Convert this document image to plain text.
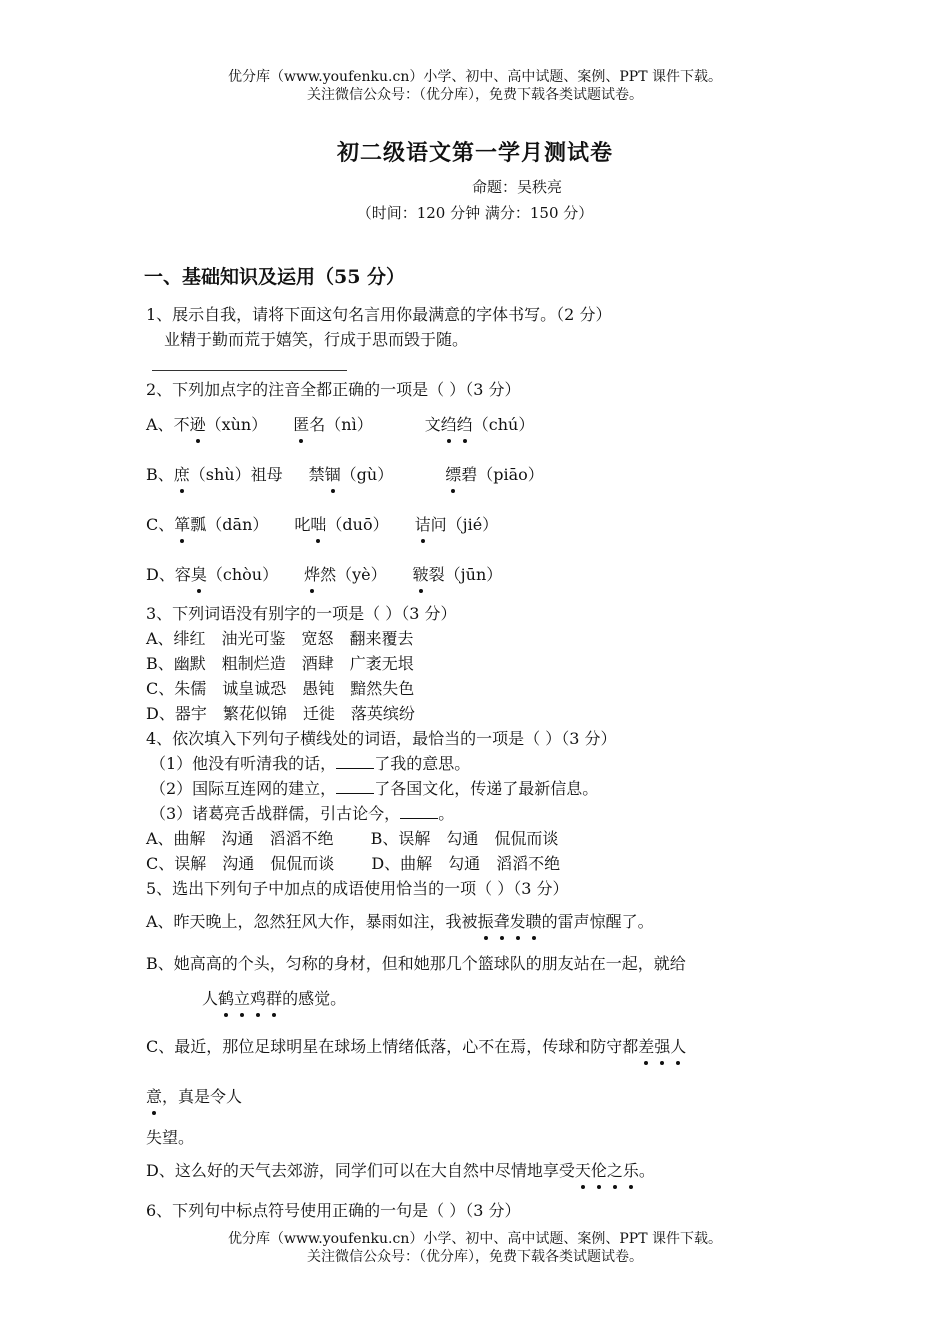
优分库（www.youfenku.cn）小学、初中、高中试题、案例、PPT 课件下载。
关注微信公众号：（优分库），免费下载各类试题试卷。
初二级语文第一学月测试卷
命题：吴秩亮
（时间：120 分钟 满分：150 分）
一、基础知识及运用（55 分）
1、展示自我，请将下面这句名言用你最满意的字体书写。（2 分）
业精于勤而荒于嬉笑，行成于思而毁于随。
2、下列加点字的注音全都正确的一项是（ ）（3 分）
A、不逊（xùn） 匿名（nì）	文绉绉（chú）
B、庶（shù）祖母 禁锢（gù）	缥碧（piāo）
C、箪瓢（dān） 叱咄（duō） 诘问（jié）
D、容臭（chòu） 烨然（yè） 皲裂（jūn）
3、下列词语没有别字的一项是（ ）（3 分）
A、绯红　油光可鉴　宽怒　翻来覆去
B、幽默　粗制烂造　酒肆　广袤无垠
C、朱儒　诚皇诚恐　愚钝　黯然失色
D、器宇　繁花似锦　迁徙　落英缤纷
4、依次填入下列句子横线处的词语，最恰当的一项是（ ）（3 分）
（1）他没有听清我的话， 了我的意思。
（2）国际互连网的建立， 了各国文化，传递了最新信息。
（3）诸葛亮舌战群儒，引古论今， 。
A、曲解　沟通　滔滔不绝　　 B、误解　勾通　侃侃而谈
C、误解　沟通　侃侃而谈　　 D、曲解　勾通　滔滔不绝
5、选出下列句子中加点的成语使用恰当的一项（ ）（3 分）
A、昨天晚上，忽然狂风大作，暴雨如注，我被振聋发聩的雷声惊醒了。
B、她高高的个头，匀称的身材，但和她那几个篮球队的朋友站在一起，就给
人鹤立鸡群的感觉。
C、最近，那位足球明星在球场上情绪低落，心不在焉，传球和防守都差强人
意，真是令人
失望。
D、这么好的天气去郊游，同学们可以在大自然中尽情地享受天伦之乐。
6、下列句中标点符号使用正确的一句是（ ）（3 分）
优分库（www.youfenku.cn）小学、初中、高中试题、案例、PPT 课件下载。
关注微信公众号：（优分库），免费下载各类试题试卷。
